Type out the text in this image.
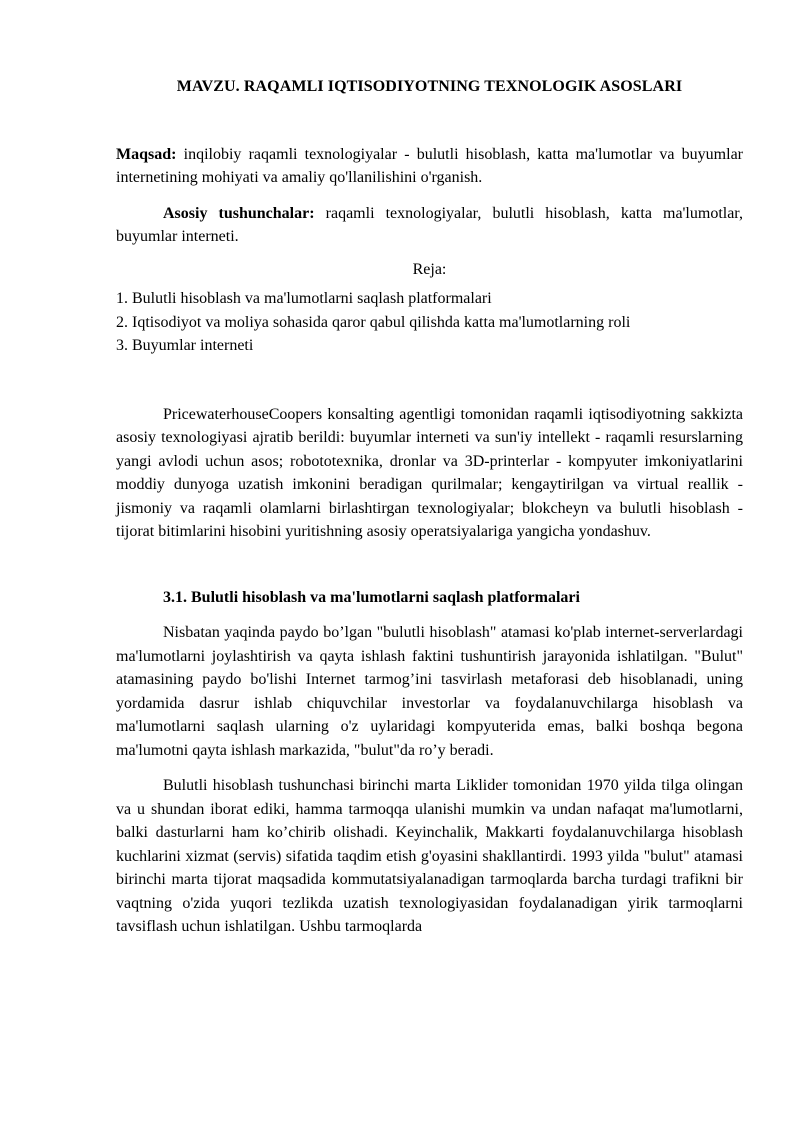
MAVZU. RAQAMLI IQTISODIYOTNING TEXNOLOGIK ASOSLARI

Maqsad: inqilobiy raqamli texnologiyalar - bulutli hisoblash, katta ma'lumotlar va buyumlar internetining mohiyati va amaliy qo'llanilishini o'rganish.

Asosiy tushunchalar: raqamli texnologiyalar, bulutli hisoblash, katta ma'lumotlar, buyumlar interneti.

Reja:

1. Bulutli hisoblash va ma'lumotlarni saqlash platformalari
2. Iqtisodiyot va moliya sohasida qaror qabul qilishda katta ma'lumotlarning roli
3. Buyumlar interneti

PricewaterhouseCoopers konsalting agentligi tomonidan raqamli iqtisodiyotning sakkizta asosiy texnologiyasi ajratib berildi: buyumlar interneti va sun'iy intellekt - raqamli resurslarning yangi avlodi uchun asos; robototexnika, dronlar va 3D-printerlar - kompyuter imkoniyatlarini moddiy dunyoga uzatish imkonini beradigan qurilmalar; kengaytirilgan va virtual reallik - jismoniy va raqamli olamlarni birlashtirgan texnologiyalar; blokcheyn va bulutli hisoblash - tijorat bitimlarini hisobini yuritishning asosiy operatsiyalariga yangicha yondashuv.

3.1. Bulutli hisoblash va ma'lumotlarni saqlash platformalari

Nisbatan yaqinda paydo bo’lgan "bulutli hisoblash" atamasi ko'plab internet-serverlardagi ma'lumotlarni joylashtirish va qayta ishlash faktini tushuntirish jarayonida ishlatilgan. "Bulut" atamasining paydo bo'lishi Internet tarmog’ini tasvirlash metaforasi deb hisoblanadi, uning yordamida dasrur ishlab chiquvchilar investorlar va foydalanuvchilarga hisoblash va ma'lumotlarni saqlash ularning o'z uylaridagi kompyuterida emas, balki boshqa begona ma'lumotni qayta ishlash markazida, "bulut"da ro’y beradi.

Bulutli hisoblash tushunchasi birinchi marta Liklider tomonidan 1970 yilda tilga olingan va u shundan iborat ediki, hamma tarmoqqa ulanishi mumkin va undan nafaqat ma'lumotlarni, balki dasturlarni ham ko’chirib olishadi. Keyinchalik, Makkarti foydalanuvchilarga hisoblash kuchlarini xizmat (servis) sifatida taqdim etish g'oyasini shakllantirdi. 1993 yilda "bulut" atamasi birinchi marta tijorat maqsadida kommutatsiyalanadigan tarmoqlarda barcha turdagi trafikni bir vaqtning o'zida yuqori tezlikda uzatish texnologiyasidan foydalanadigan yirik tarmoqlarni tavsiflash uchun ishlatilgan. Ushbu tarmoqlarda
